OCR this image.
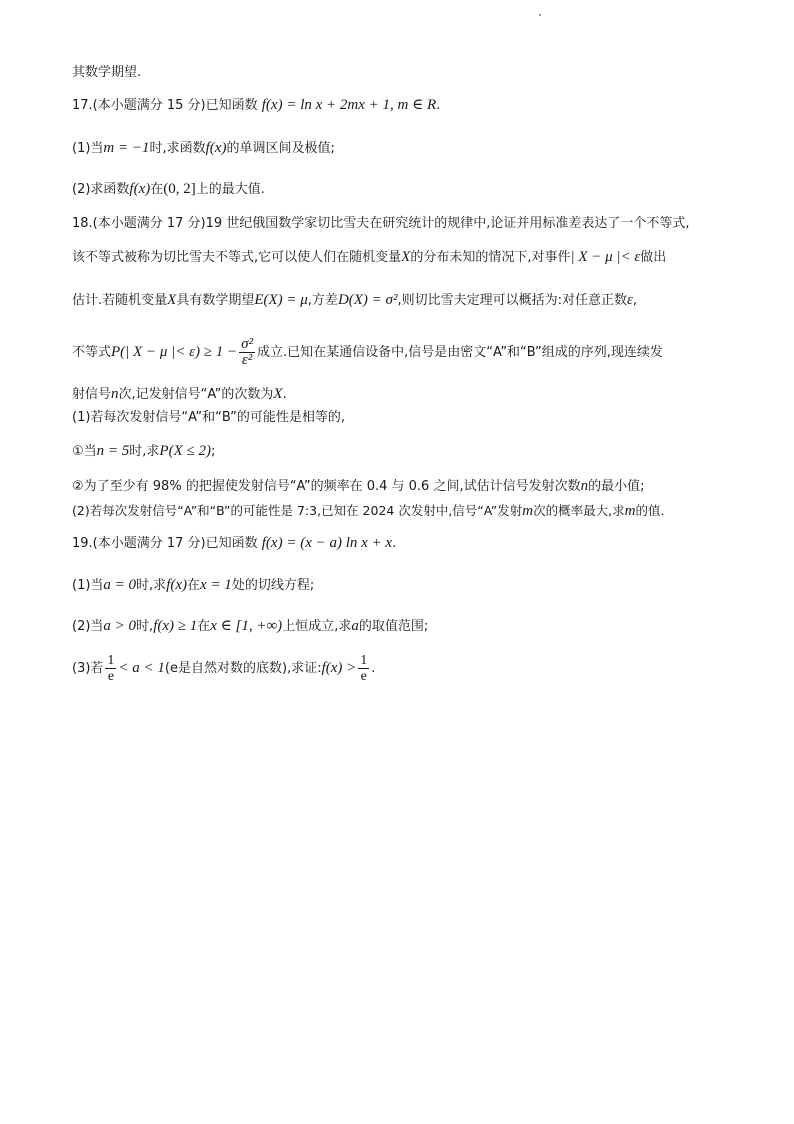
其数学期望.
17.(本小题满分 15 分)已知函数 f(x) = ln x + 2mx + 1, m ∈ R.
(1)当m = −1时,求函数f(x)的单调区间及极值;
(2)求函数f(x)在(0, 2]上的最大值.
18.(本小题满分 17 分)19 世纪俄国数学家切比雪夫在研究统计的规律中,论证并用标准差表达了一个不等式,
该不等式被称为切比雪夫不等式,它可以使人们在随机变量X的分布未知的情况下,对事件| X − μ |< ε做出
估计.若随机变量X具有数学期望E(X) = μ,方差D(X) = σ²,则切比雪夫定理可以概括为:对任意正数ε,
不等式P(| X − μ |< $\varepsilon) \ge 1 - \frac{\text{σ²}}{\text{ε²}}$ 成立.已知在某通信设备中,信号是由密文“A”和“B”组成的序列,现连续发
射信号n次,记发射信号“A”的次数为X.
(1)若每次发射信号“A”和“B”的可能性是相等的,
①当n = 5时,求P(X ≤ 2);
②为了至少有 98% 的把握使发射信号“A”的频率在 0.4 与 0.6 之间,试估计信号发射次数n的最小值;
(2)若每次发射信号“A”和“B”的可能性是 7:3,已知在 2024 次发射中,信号“A”发射m次的概率最大,求m的值.
19.(本小题满分 17 分)已知函数 f(x) = (x − a) ln x + x.
(1)当a = 0时,求f(x)在x = 1处的切线方程;
(2)当a > 0时,f(x) ≥ 1在x ∈ [1, +∞)上恒成立,求a的取值范围;
(3)若 $\frac{1}{e} < a < 1(e$是自然对数的底数),求证:f(x) > $\frac{1}{e}$ .
